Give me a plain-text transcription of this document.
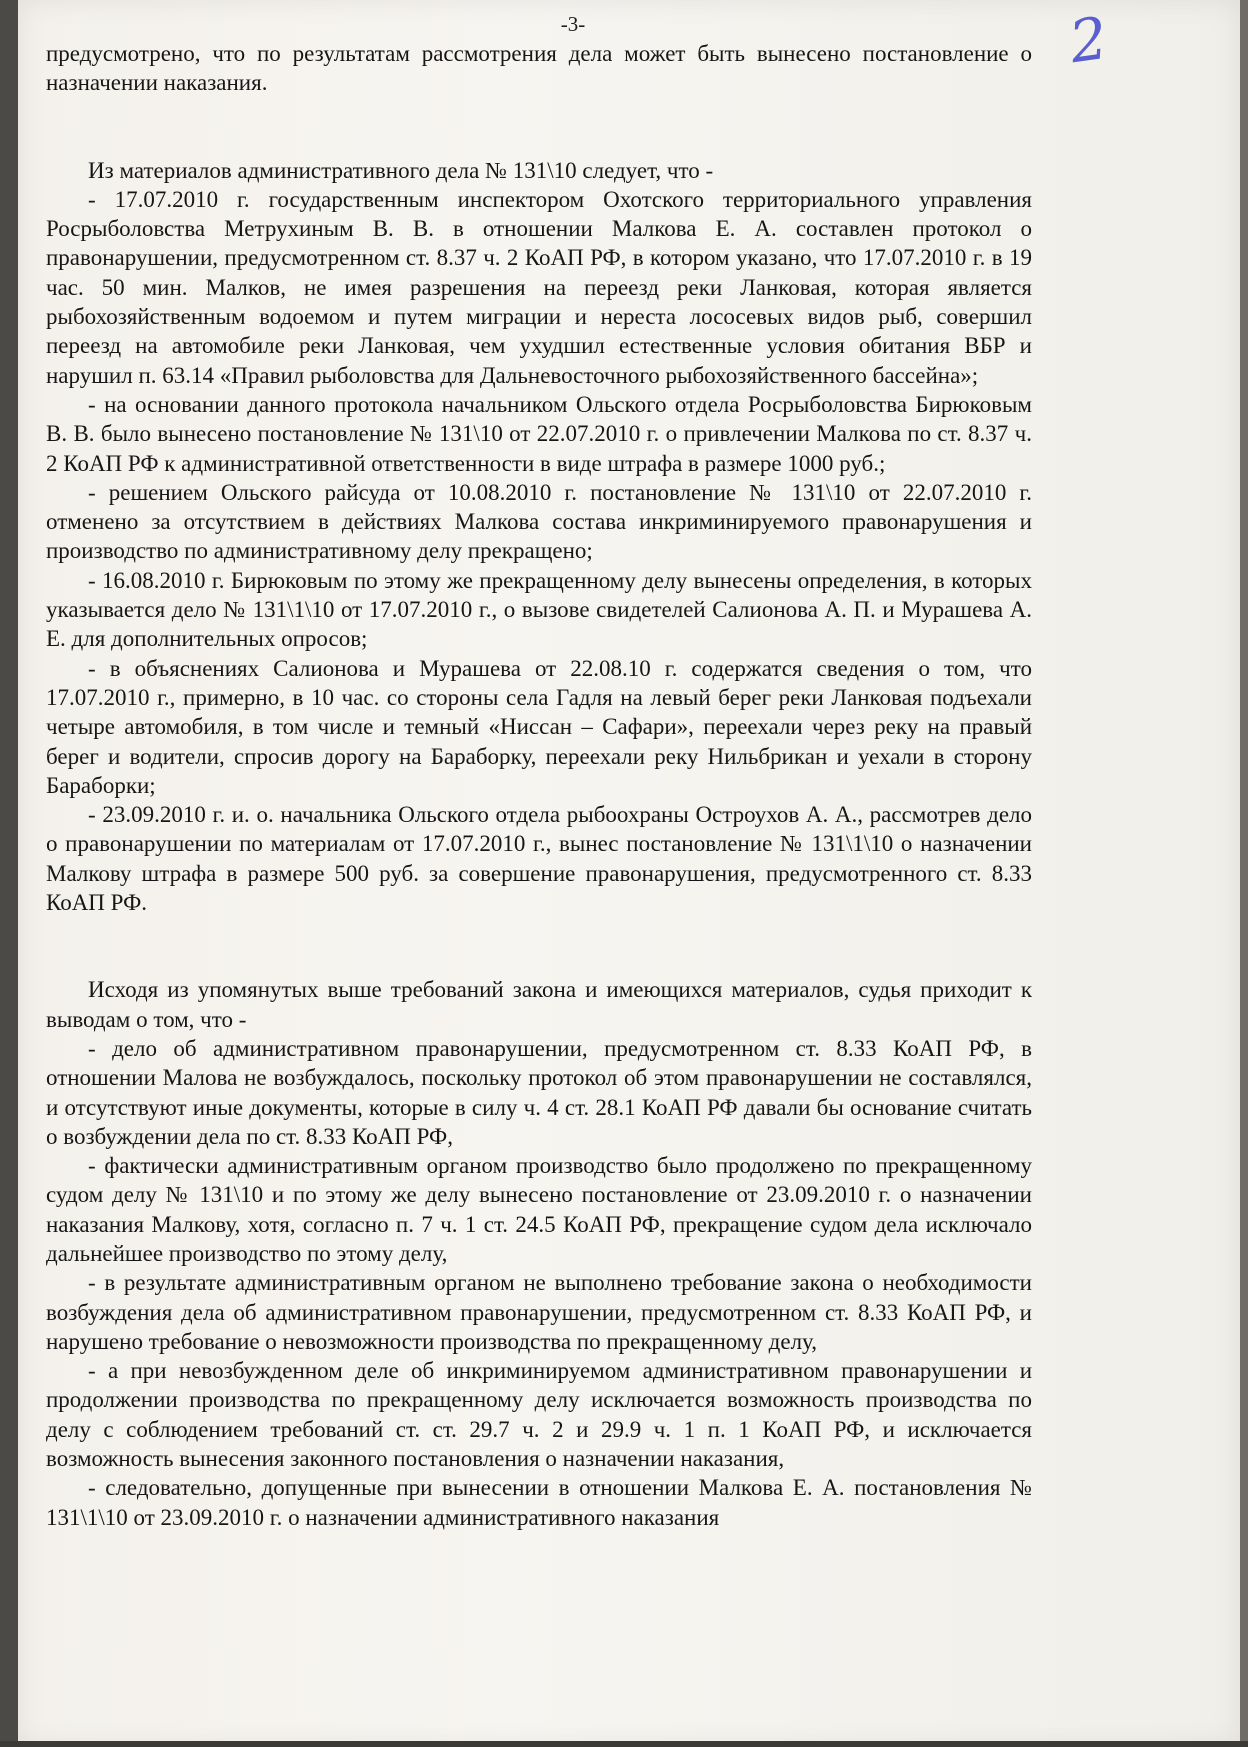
-3-	2

предусмотрено, что по результатам рассмотрения дела может быть вынесено постановление о назначении наказания.

Из материалов административного дела № 131\10 следует, что -

- 17.07.2010 г. государственным инспектором Охотского территориального управления Росрыболовства Метрухиным В. В. в отношении Малкова Е. А. составлен протокол о правонарушении, предусмотренном ст. 8.37 ч. 2 КоАП РФ, в котором указано, что 17.07.2010 г. в 19 час. 50 мин. Малков, не имея разрешения на переезд реки Ланковая, которая является рыбохозяйственным водоемом и путем миграции и нереста лососевых видов рыб, совершил переезд на автомобиле реки Ланковая, чем ухудшил естественные условия обитания ВБР и нарушил п. 63.14 «Правил рыболовства для Дальневосточного рыбохозяйственного бассейна»;

- на основании данного протокола начальником Ольского отдела Росрыболовства Бирюковым В. В. было вынесено постановление № 131\10 от 22.07.2010 г. о привлечении Малкова по ст. 8.37 ч. 2 КоАП РФ к административной ответственности в виде штрафа в размере 1000 руб.;

- решением Ольского райсуда от 10.08.2010 г. постановление № 131\10 от 22.07.2010 г. отменено за отсутствием в действиях Малкова состава инкриминируемого правонарушения и производство по административному делу прекращено;

- 16.08.2010 г. Бирюковым по этому же прекращенному делу вынесены определения, в которых указывается дело № 131\1\10 от 17.07.2010 г., о вызове свидетелей Салионова А. П. и Мурашева А. Е. для дополнительных опросов;

- в объяснениях Салионова и Мурашева от 22.08.10 г. содержатся сведения о том, что 17.07.2010 г., примерно, в 10 час. со стороны села Гадля на левый берег реки Ланковая подъехали четыре автомобиля, в том числе и темный «Ниссан – Сафари», переехали через реку на правый берег и водители, спросив дорогу на Бараборку, переехали реку Нильбрикан и уехали в сторону Бараборки;

- 23.09.2010 г. и. о. начальника Ольского отдела рыбоохраны Остроухов А. А., рассмотрев дело о правонарушении по материалам от 17.07.2010 г., вынес постановление № 131\1\10 о назначении Малкову штрафа в размере 500 руб. за совершение правонарушения, предусмотренного ст. 8.33 КоАП РФ.

Исходя из упомянутых выше требований закона и имеющихся материалов, судья приходит к выводам о том, что -

- дело об административном правонарушении, предусмотренном ст. 8.33 КоАП РФ, в отношении Малова не возбуждалось, поскольку протокол об этом правонарушении не составлялся, и отсутствуют иные документы, которые в силу ч. 4 ст. 28.1 КоАП РФ давали бы основание считать о возбуждении дела по ст. 8.33 КоАП РФ,

- фактически административным органом производство было продолжено по прекращенному судом делу № 131\10 и по этому же делу вынесено постановление от 23.09.2010 г. о назначении наказания Малкову, хотя, согласно п. 7 ч. 1 ст. 24.5 КоАП РФ, прекращение судом дела исключало дальнейшее производство по этому делу,

- в результате административным органом не выполнено требование закона о необходимости возбуждения дела об административном правонарушении, предусмотренном ст. 8.33 КоАП РФ, и нарушено требование о невозможности производства по прекращенному делу,

- а при невозбужденном деле об инкриминируемом административном правонарушении и продолжении производства по прекращенному делу исключается возможность производства по делу с соблюдением требований ст. ст. 29.7 ч. 2 и 29.9 ч. 1 п. 1 КоАП РФ, и исключается возможность вынесения законного постановления о назначении наказания,

- следовательно, допущенные при вынесении в отношении Малкова Е. А. постановления № 131\1\10 от 23.09.2010 г. о назначении административного наказания
